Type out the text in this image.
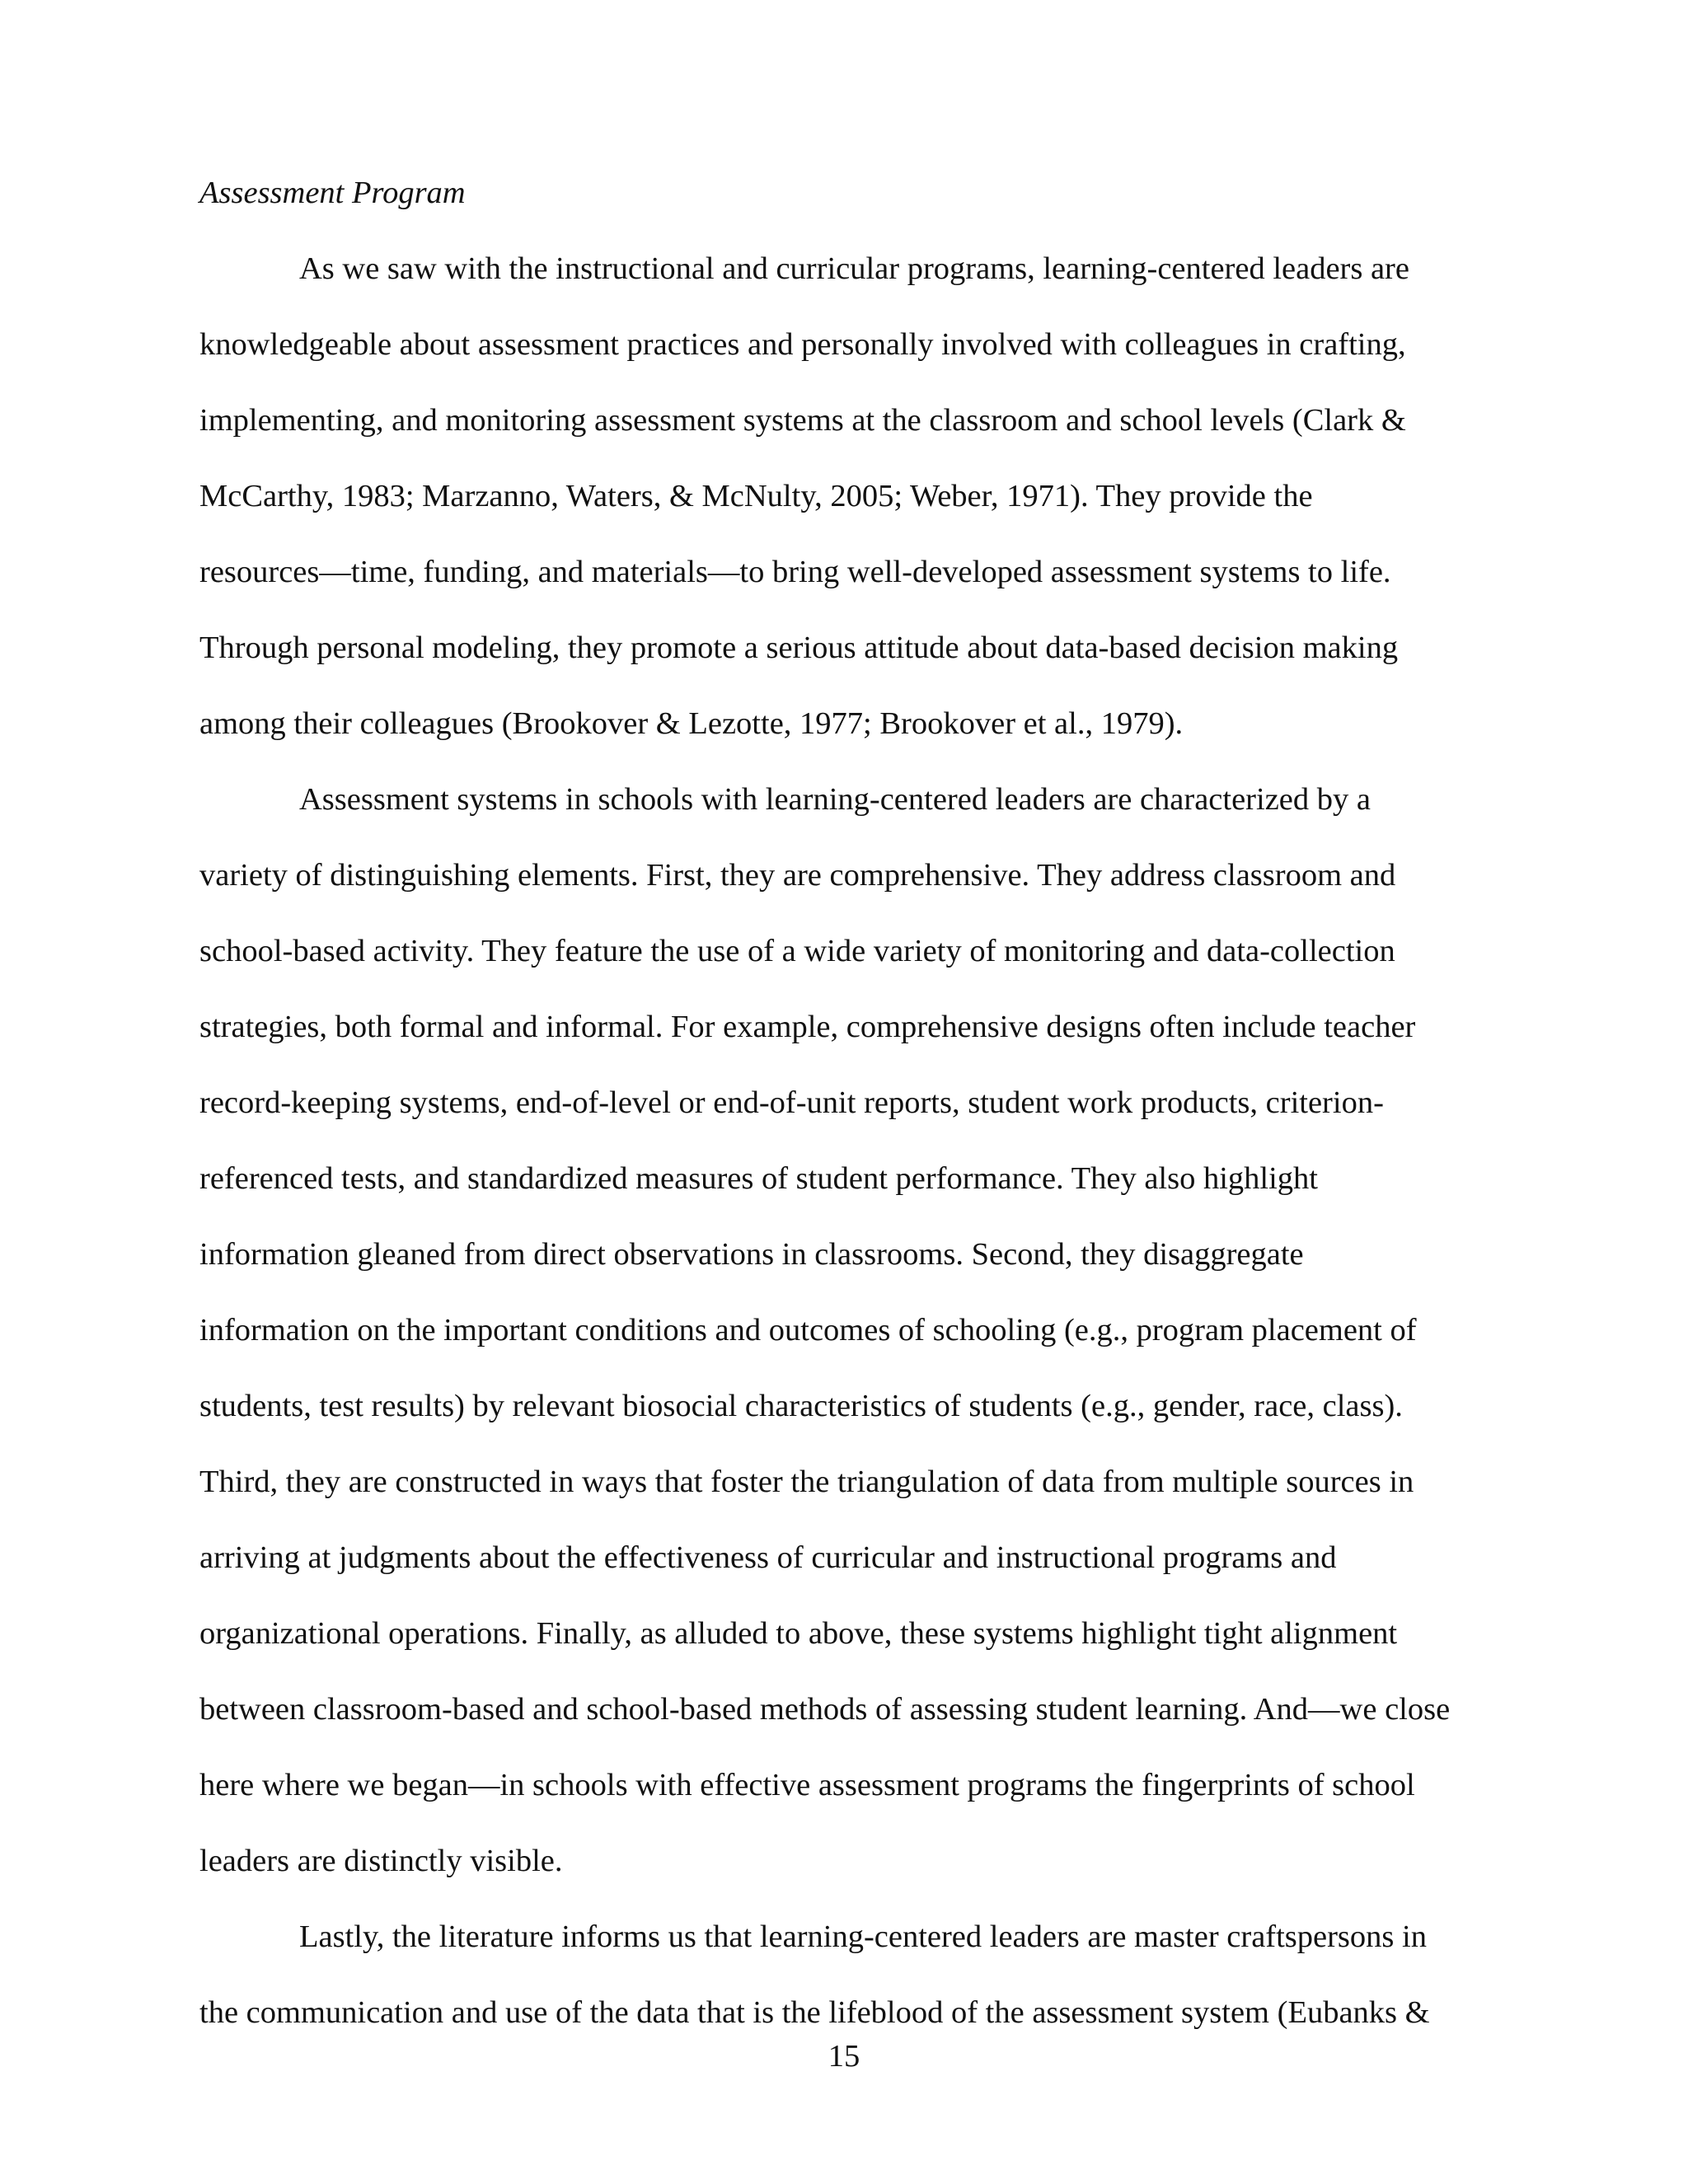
Assessment Program
As we saw with the instructional and curricular programs, learning-centered leaders are
knowledgeable about assessment practices and personally involved with colleagues in crafting,
implementing, and monitoring assessment systems at the classroom and school levels (Clark &
McCarthy, 1983; Marzanno, Waters, & McNulty, 2005; Weber, 1971). They provide the
resources—time, funding, and materials—to bring well-developed assessment systems to life.
Through personal modeling, they promote a serious attitude about data-based decision making
among their colleagues (Brookover & Lezotte, 1977; Brookover et al., 1979).
Assessment systems in schools with learning-centered leaders are characterized by a
variety of distinguishing elements. First, they are comprehensive. They address classroom and
school-based activity. They feature the use of a wide variety of monitoring and data-collection
strategies, both formal and informal. For example, comprehensive designs often include teacher
record-keeping systems, end-of-level or end-of-unit reports, student work products, criterion-
referenced tests, and standardized measures of student performance. They also highlight
information gleaned from direct observations in classrooms. Second, they disaggregate
information on the important conditions and outcomes of schooling (e.g., program placement of
students, test results) by relevant biosocial characteristics of students (e.g., gender, race, class).
Third, they are constructed in ways that foster the triangulation of data from multiple sources in
arriving at judgments about the effectiveness of curricular and instructional programs and
organizational operations. Finally, as alluded to above, these systems highlight tight alignment
between classroom-based and school-based methods of assessing student learning. And—we close
here where we began—in schools with effective assessment programs the fingerprints of school
leaders are distinctly visible.
Lastly, the literature informs us that learning-centered leaders are master craftspersons in
the communication and use of the data that is the lifeblood of the assessment system (Eubanks &
15
